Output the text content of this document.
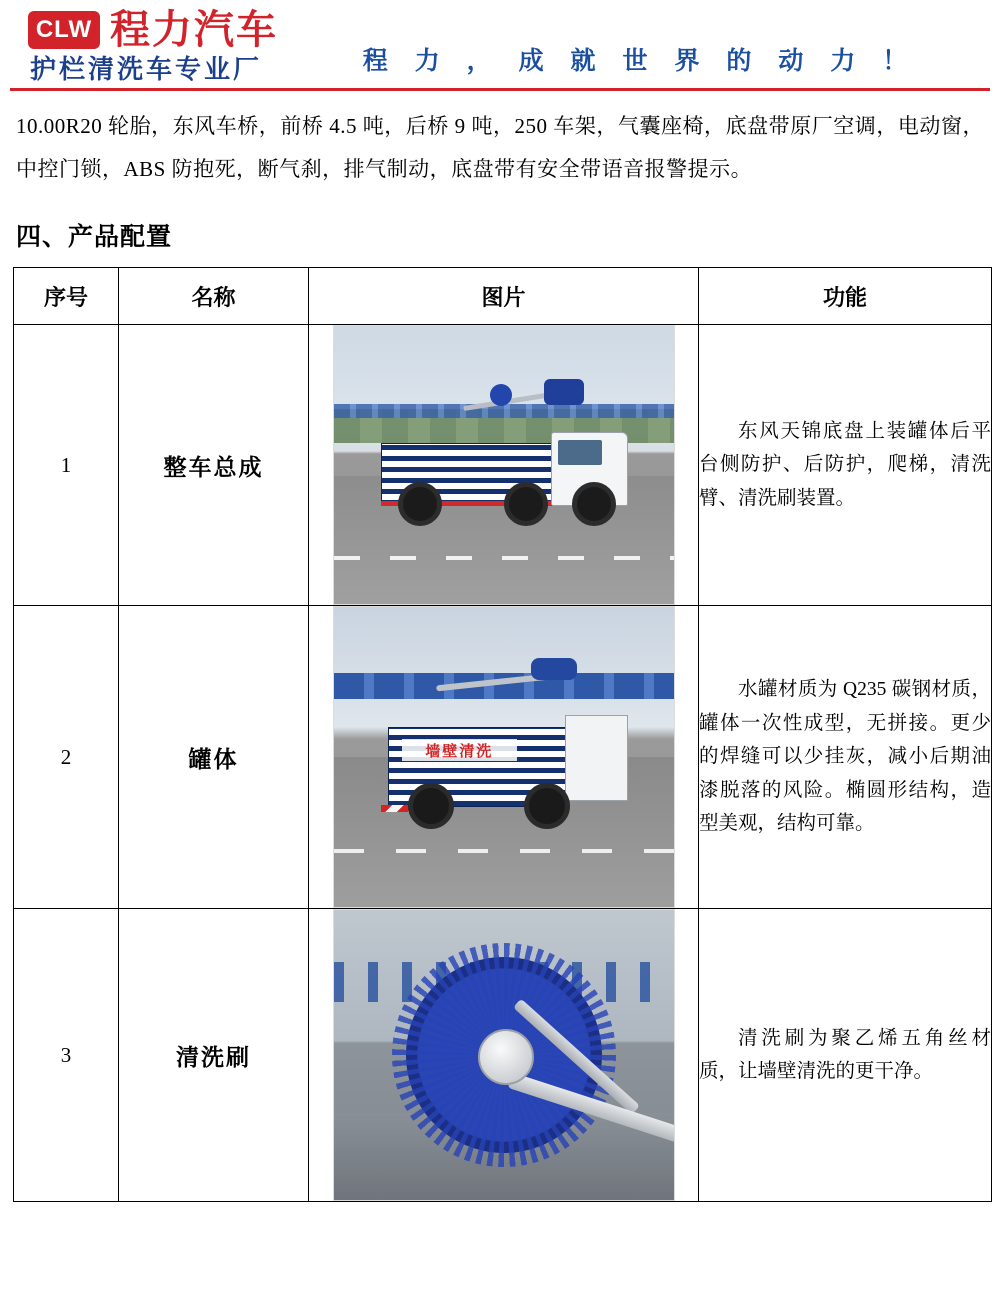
CLW 程力汽车
护栏清洗车专业厂	程 力 ， 成 就 世 界 的 动 力 ！
10.00R20 轮胎，东风车桥，前桥 4.5 吨，后桥 9 吨，250 车架，气囊座椅，底盘带原厂空调，电动窗，中控门锁，ABS 防抱死，断气刹，排气制动，底盘带有安全带语音报警提示。
四、产品配置
序号	名称	图片	功能
1	整车总成		东风天锦底盘上装罐体后平台侧防护、后防护，爬梯，清洗臂、清洗刷装置。

2	罐体	墙壁清洗	水罐材质为 Q235 碳钢材质，罐体一次性成型，无拼接。更少的焊缝可以少挂灰，减小后期油漆脱落的风险。椭圆形结构，造型美观，结构可靠。

3	清洗刷		清洗刷为聚乙烯五角丝材质，让墙壁清洗的更干净。
